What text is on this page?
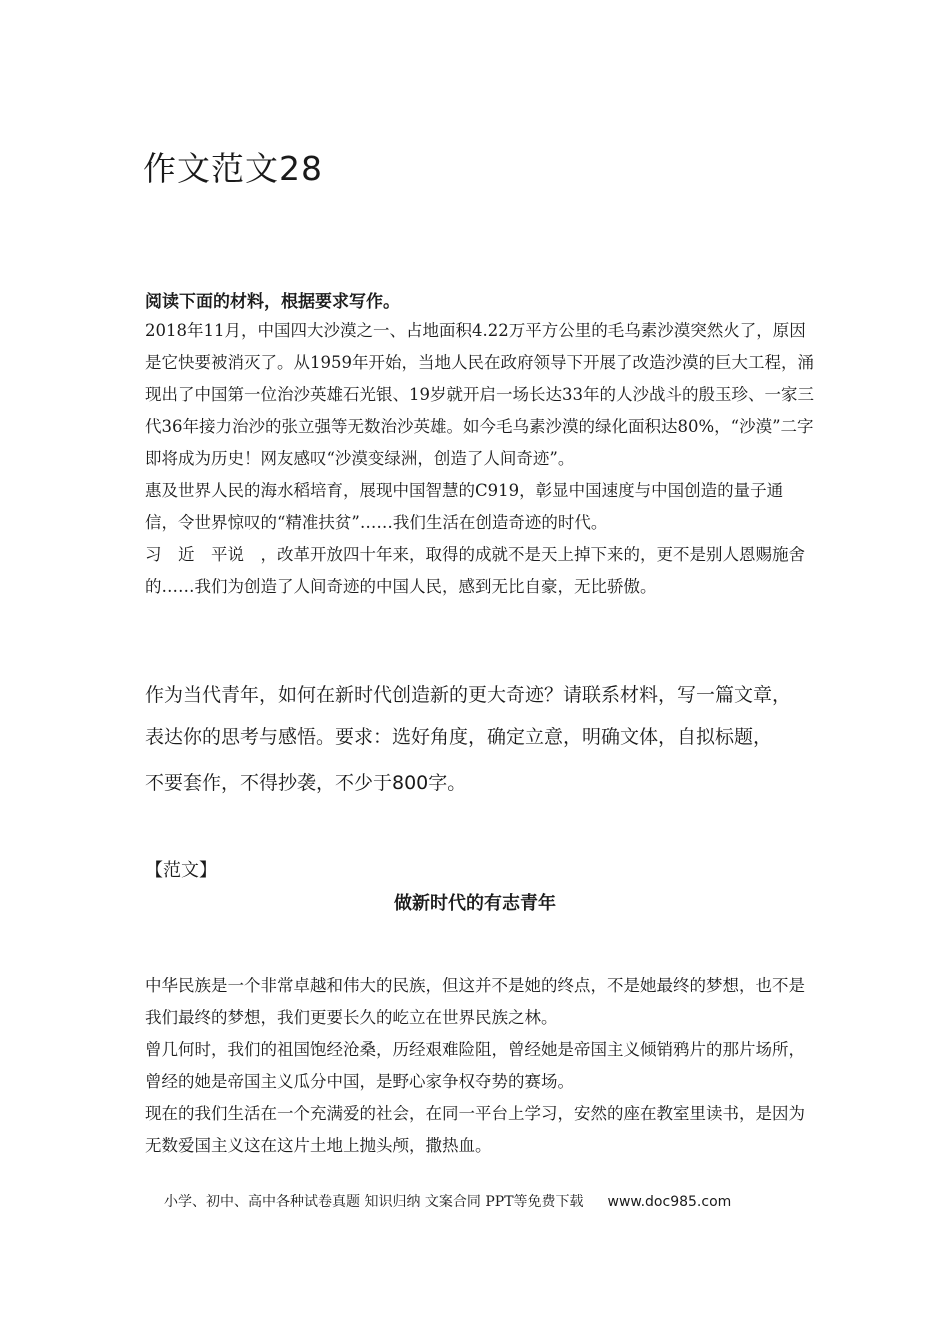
作文范文28

阅读下面的材料，根据要求写作。

2018年11月，中国四大沙漠之一、占地面积4.22万平方公里的毛乌素沙漠突然火了，原因是它快要被消灭了。从1959年开始，当地人民在政府领导下开展了改造沙漠的巨大工程，涌现出了中国第一位治沙英雄石光银、19岁就开启一场长达33年的人沙战斗的殷玉珍、一家三代36年接力治沙的张立强等无数治沙英雄。如今毛乌素沙漠的绿化面积达80%，“沙漠”二字即将成为历史！网友感叹“沙漠变绿洲，创造了人间奇迹”。

惠及世界人民的海水稻培育，展现中国智慧的C919，彰显中国速度与中国创造的量子通信，令世界惊叹的“精准扶贫”……我们生活在创造奇迹的时代。

习　近　平说　，改革开放四十年来，取得的成就不是天上掉下来的，更不是别人恩赐施舍的……我们为创造了人间奇迹的中国人民，感到无比自豪，无比骄傲。

作为当代青年，如何在新时代创造新的更大奇迹？请联系材料，写一篇文章，
表达你的思考与感悟。要求：选好角度，确定立意，明确文体，自拟标题，

不要套作，不得抄袭，不少于800字。

【范文】

做新时代的有志青年

中华民族是一个非常卓越和伟大的民族，但这并不是她的终点，不是她最终的梦想，也不是我们最终的梦想，我们更要长久的屹立在世界民族之林。

曾几何时，我们的祖国饱经沧桑，历经艰难险阻，曾经她是帝国主义倾销鸦片的那片场所，曾经的她是帝国主义瓜分中国，是野心家争权夺势的赛场。

现在的我们生活在一个充满爱的社会，在同一平台上学习，安然的座在教室里读书，是因为无数爱国主义这在这片土地上抛头颅，撒热血。

小学、初中、高中各种试卷真题 知识归纳 文案合同 PPT等免费下载 www.doc985.com
